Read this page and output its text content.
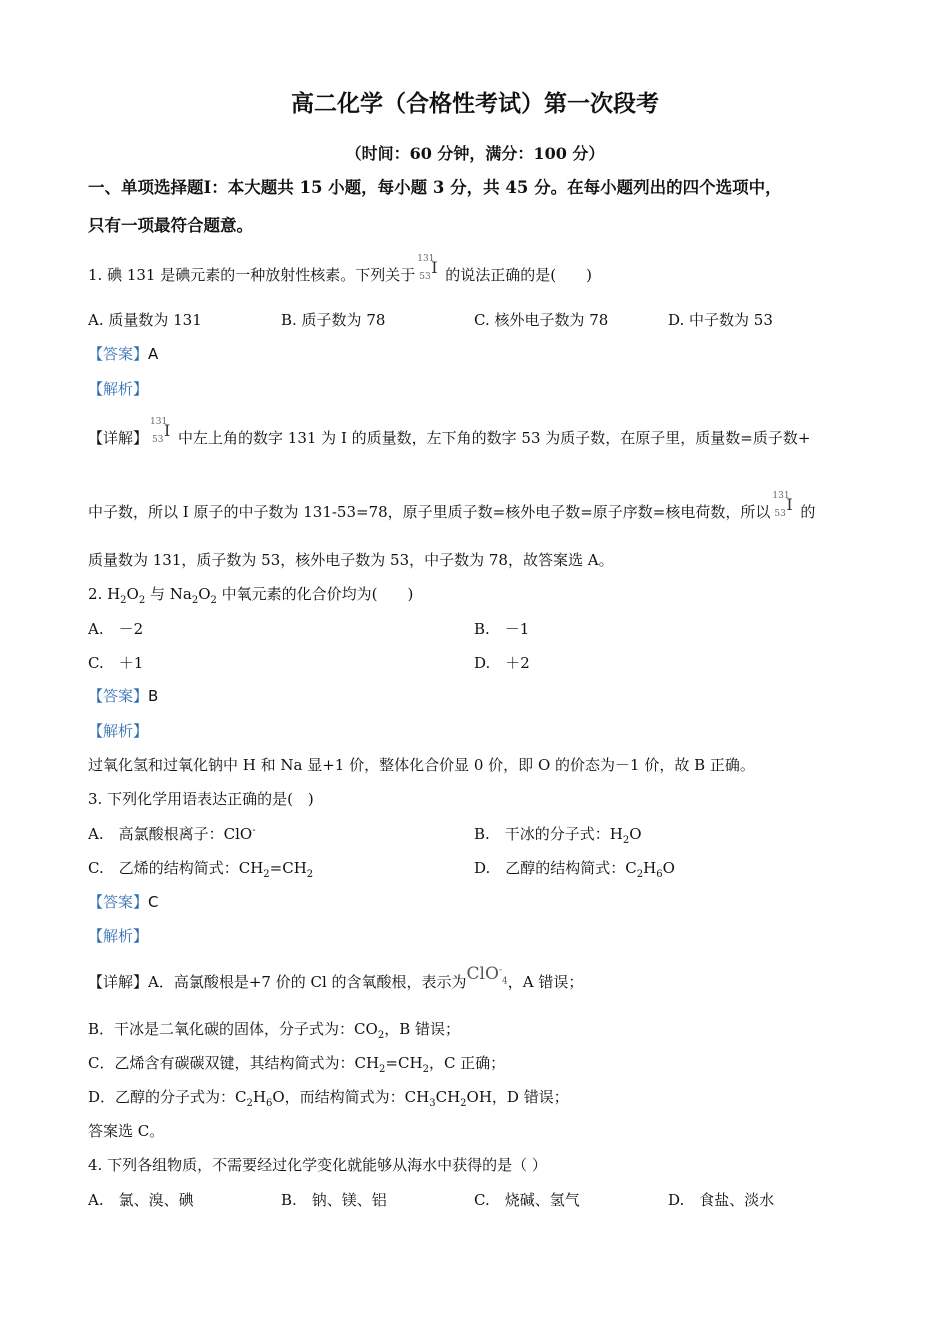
高二化学（合格性考试）第一次段考
（时间：60 分钟，满分：100 分）
一、单项选择题Ⅰ：本大题共 15 小题，每小题 3 分，共 45 分。在每小题列出的四个选项中，
只有一项最符合题意。
1. 碘 131 是碘元素的一种放射性核素。下列关于
131
53 I 的说法正确的是(　　)
A. 质量数为 131	B. 质子数为 78	C. 核外电子数为 78	D. 中子数为 53
【答案】A
【解析】
【详解】
131
53 I 中左上角的数字 131 为 I 的质量数，左下角的数字 53 为质子数，在原子里，质量数=质子数+
中子数，所以 I 原子的中子数为 131-53=78，原子里质子数=核外电子数=原子序数=核电荷数，所以
131
53 I 的
质量数为 131，质子数为 53，核外电子数为 53，中子数为 78，故答案选 A。
2. $H_2O_2$ 与 $Na_2O_2$ 中氧元素的化合价均为(　　)
A.　－2	B.　－1
C.　＋1	D.　＋2
【答案】B
【解析】
过氧化氢和过氧化钠中 H 和 Na 显+1 价，整体化合价显 0 价，即 O 的价态为－1 价，故 B 正确。
3. 下列化学用语表达正确的是(　)
A.　高氯酸根离子：ClO-	B.　干冰的分子式：$H_2O$
C.　乙烯的结构简式：$CH_2=CH_2$	D.　乙醇的结构简式：$C_2H_6O$
【答案】C
【解析】
【详解】A．高氯酸根是+7 价的 Cl 的含氧酸根，表示为ClO-$_4$，A 错误；
B．干冰是二氧化碳的固体，分子式为：$CO_2$，B 错误；
C．乙烯含有碳碳双键，其结构简式为：$CH_2=CH_2$，C 正确；
D．乙醇的分子式为：$C_2H_6O$，而结构简式为：$CH_3CH_2OH$，D 错误；
答案选 C。
4. 下列各组物质，不需要经过化学变化就能够从海水中获得的是（ ）
A.　氯、溴、碘	B.　钠、镁、铝	C.　烧碱、氢气	D.　食盐、淡水
